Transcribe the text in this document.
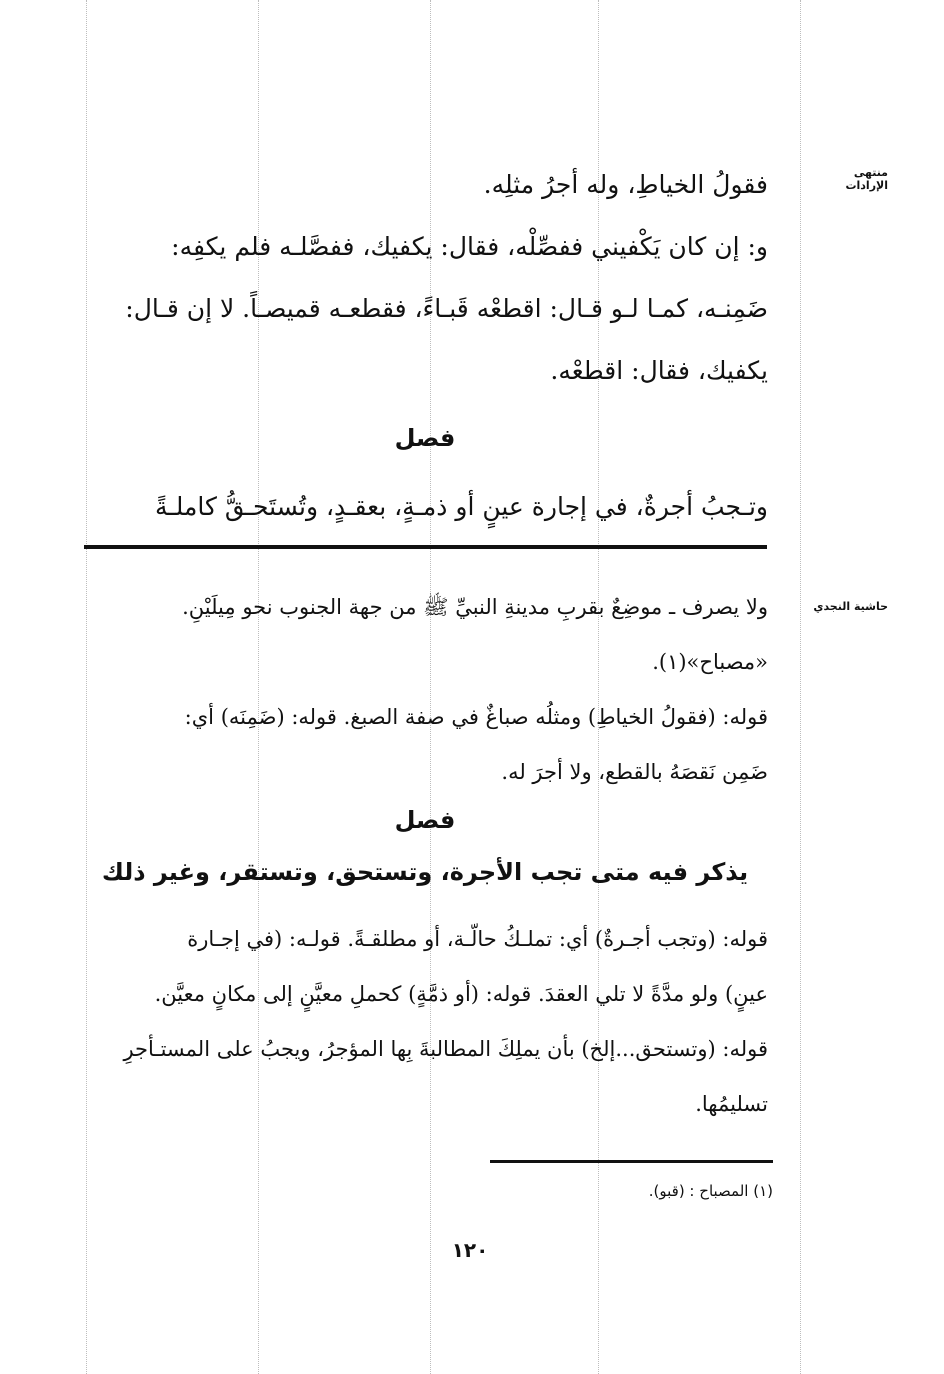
منتهى الإرادات
حاشية النجدي
فقولُ الخياطِ، وله أجرُ مثلِه.
و: إن كان يَكْفيني ففصِّلْه، فقال: يكفيك، ففصَّلـه فلم يكفِه:
ضَمِنـه، كمـا لـو قـال: اقطعْه قَبـاءً، فقطعـه قميصـاً. لا إن قـال:
يكفيك، فقال: اقطعْه.
فصل
وتـجبُ أجرةٌ، في إجارة عينٍ أو ذمـةٍ، بعقـدٍ، وتُستَحـقُّ كاملـةً
ولا يصرف ـ موضِعٌ بقربِ مدينةِ النبيِّ ﷺ من جهة الجنوب نحو مِيلَيْنِ.
«مصباح»(١).
قوله: (فقولُ الخياطِ) ومثلُه صباغٌ في صفة الصبغ. قوله: (ضَمِنَه) أي:
ضَمِن نَقصَهُ بالقطع، ولا أجرَ له.
فصل
يذكر فيه متى تجب الأجرة، وتستحق، وتستقر، وغير ذلك
قوله: (وتجب أجـرةٌ) أي: تملـكُ حالّـة، أو مطلقـةً. قولـه: (في إجـارة
عينٍ) ولو مدَّةً لا تلي العقدَ. قوله: (أو ذمَّةٍ) كحملِ معيَّنٍ إلى مكانٍ معيَّن.
قوله: (وتستحق...إلخ) بأن يملِكَ المطالبةَ بِها المؤجرُ، ويجبُ على المستـأجرِ
تسليمُها.
(١) المصباح : (قبو).
١٢٠
